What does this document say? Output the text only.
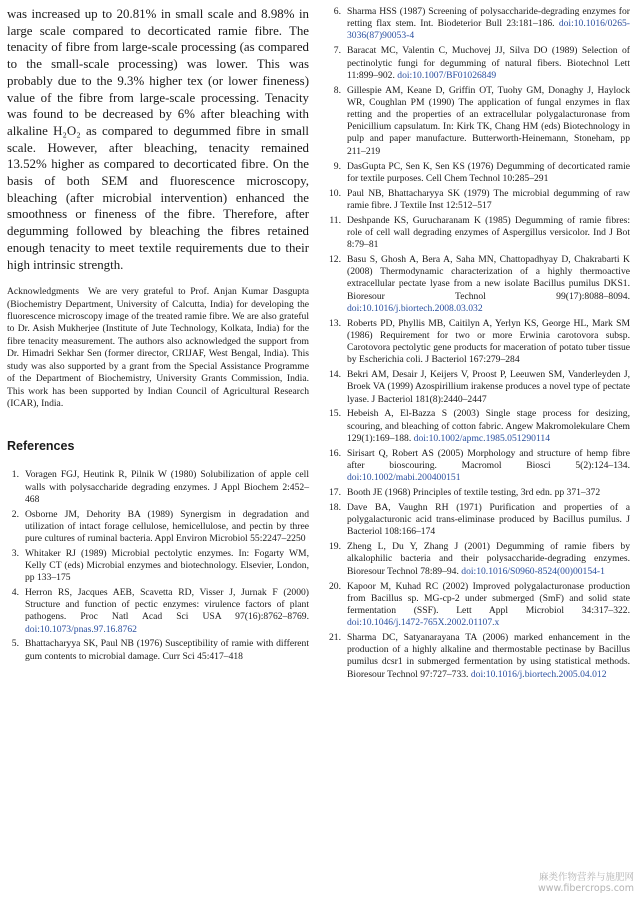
was increased up to 20.81% in small scale and 8.98% in large scale compared to decorticated ramie fibre. The tenacity of fibre from large-scale processing (as compared to the small-scale processing) was lower. This was probably due to the 9.3% higher tex (or lower fineness) value of the fibre from large-scale processing. Tenacity was found to be decreased by 6% after bleaching with alkaline H₂O₂ as compared to degummed fibre in small scale. However, after bleaching, tenacity remained 13.52% higher as compared to decorticated fibre. On the basis of both SEM and fluorescence microscopy, bleaching (after microbial intervention) enhanced the smoothness or fineness of the fibre. Therefore, after degumming followed by bleaching the fibres retained enough tenacity to meet textile requirements due to their high intrinsic strength.

Acknowledgments We are very grateful to Prof. Anjan Kumar Dasgupta (Biochemistry Department, University of Calcutta, India) for developing the fluorescence microscopy image of the treated ramie fibre. We are also grateful to Dr. Asish Mukherjee (Institute of Jute Technology, Kolkata, India) for the fibre tenacity measurement. The authors also acknowledged the support from Dr. Himadri Sekhar Sen (former director, CRIJAF, West Bengal, India). This study was also supported by a grant from the Special Assistance Programme of the Department of Biochemistry, University Grants Commission, India. This work has been supported by Indian Council of Agricultural Research (ICAR), India.

References
1. Voragen FGJ, Heutink R, Pilnik W (1980) Solubilization of apple cell walls with polysaccharide degrading enzymes. J Appl Biochem 2:452–468
2. Osborne JM, Dehority BA (1989) Synergism in degradation and utilization of intact forage cellulose, hemicellulose, and pectin by three pure cultures of ruminal bacteria. Appl Environ Microbiol 55:2247–2250
3. Whitaker RJ (1989) Microbial pectolytic enzymes. In: Fogarty WM, Kelly CT (eds) Microbial enzymes and biotechnology. Elsevier, London, pp 133–175
4. Herron RS, Jacques AEB, Scavetta RD, Visser J, Jurnak F (2000) Structure and function of pectic enzymes: virulence factors of plant pathogens. Proc Natl Acad Sci USA 97(16):8762–8769. doi:10.1073/pnas.97.16.8762
5. Bhattacharyya SK, Paul NB (1976) Susceptibility of ramie with different gum contents to microbial damage. Curr Sci 45:417–418
6. Sharma HSS (1987) Screening of polysaccharide-degrading enzymes for retting flax stem. Int. Biodeterior Bull 23:181–186. doi:10.1016/0265-3036(87)90053-4
7. Baracat MC, Valentin C, Muchovej JJ, Silva DO (1989) Selection of pectinolytic fungi for degumming of natural fibers. Biotechnol Lett 11:899–902. doi:10.1007/BF01026849
8. Gillespie AM, Keane D, Griffin OT, Tuohy GM, Donaghy J, Haylock WR, Coughlan PM (1990) The application of fungal enzymes in flax retting and the properties of an extracellular polygalacturonase from Penicillium capsulatum. In: Kirk TK, Chang HM (eds) Biotechnology in pulp and paper manufacture. Butterworth-Heinemann, Stoneham, pp 211–219
9. DasGupta PC, Sen K, Sen KS (1976) Degumming of decorticated ramie for textile purposes. Cell Chem Technol 10:285–291
10. Paul NB, Bhattacharyya SK (1979) The microbial degumming of raw ramie fibre. J Textile Inst 12:512–517
11. Deshpande KS, Gurucharanam K (1985) Degumming of ramie fibres: role of cell wall degrading enzymes of Aspergillus versicolor. Ind J Bot 8:79–81
12. Basu S, Ghosh A, Bera A, Saha MN, Chattopadhyay D, Chakrabarti K (2008) Thermodynamic characterization of a highly thermoactive extracellular pectate lyase from a new isolate Bacillus pumilus DKS1. Bioresour Technol 99(17):8088–8094. doi:10.1016/j.biortech.2008.03.032
13. Roberts PD, Phyllis MB, Caitilyn A, Yerlyn KS, George HL, Mark SM (1986) Requirement for two or more Erwinia carotovora subsp. Carotovora pectolytic gene products for maceration of potato tuber tissue by Escherichia coli. J Bacteriol 167:279–284
14. Bekri AM, Desair J, Keijers V, Proost P, Leeuwen SM, Vanderleyden J, Broek VA (1999) Azospirillium irakense produces a novel type of pectate lyase. J Bacteriol 181(8):2440–2447
15. Hebeish A, El-Bazza S (2003) Single stage process for desizing, scouring, and bleaching of cotton fabric. Angew Makromolekulare Chem 129(1):169–188. doi:10.1002/apmc.1985.051290114
16. Sirisart Q, Robert AS (2005) Morphology and structure of hemp fibre after bioscouring. Macromol Biosci 5(2):124–134. doi:10.1002/mabi.200400151
17. Booth JE (1968) Principles of textile testing, 3rd edn. pp 371–372
18. Dave BA, Vaughn RH (1971) Purification and properties of a polygalacturonic acid trans-eliminase produced by Bacillus pumilus. J Bacteriol 108:166–174
19. Zheng L, Du Y, Zhang J (2001) Degumming of ramie fibers by alkalophilic bacteria and their polysaccharide-degrading enzymes. Bioresour Technol 78:89–94. doi:10.1016/S0960-8524(00)00154-1
20. Kapoor M, Kuhad RC (2002) Improved polygalacturonase production from Bacillus sp. MG-cp-2 under submerged (SmF) and solid state fermentation (SSF). Lett Appl Microbiol 34:317–322. doi:10.1046/j.1472-765X.2002.01107.x
21. Sharma DC, Satyanarayana TA (2006) marked enhancement in the production of a highly alkaline and thermostable pectinase by Bacillus pumilus dcsr1 in submerged fermentation by using statistical methods. Bioresour Technol 97:727–733. doi:10.1016/j.biortech.2005.04.012
麻类作物营养与施肥网
www.fibercrops.com
